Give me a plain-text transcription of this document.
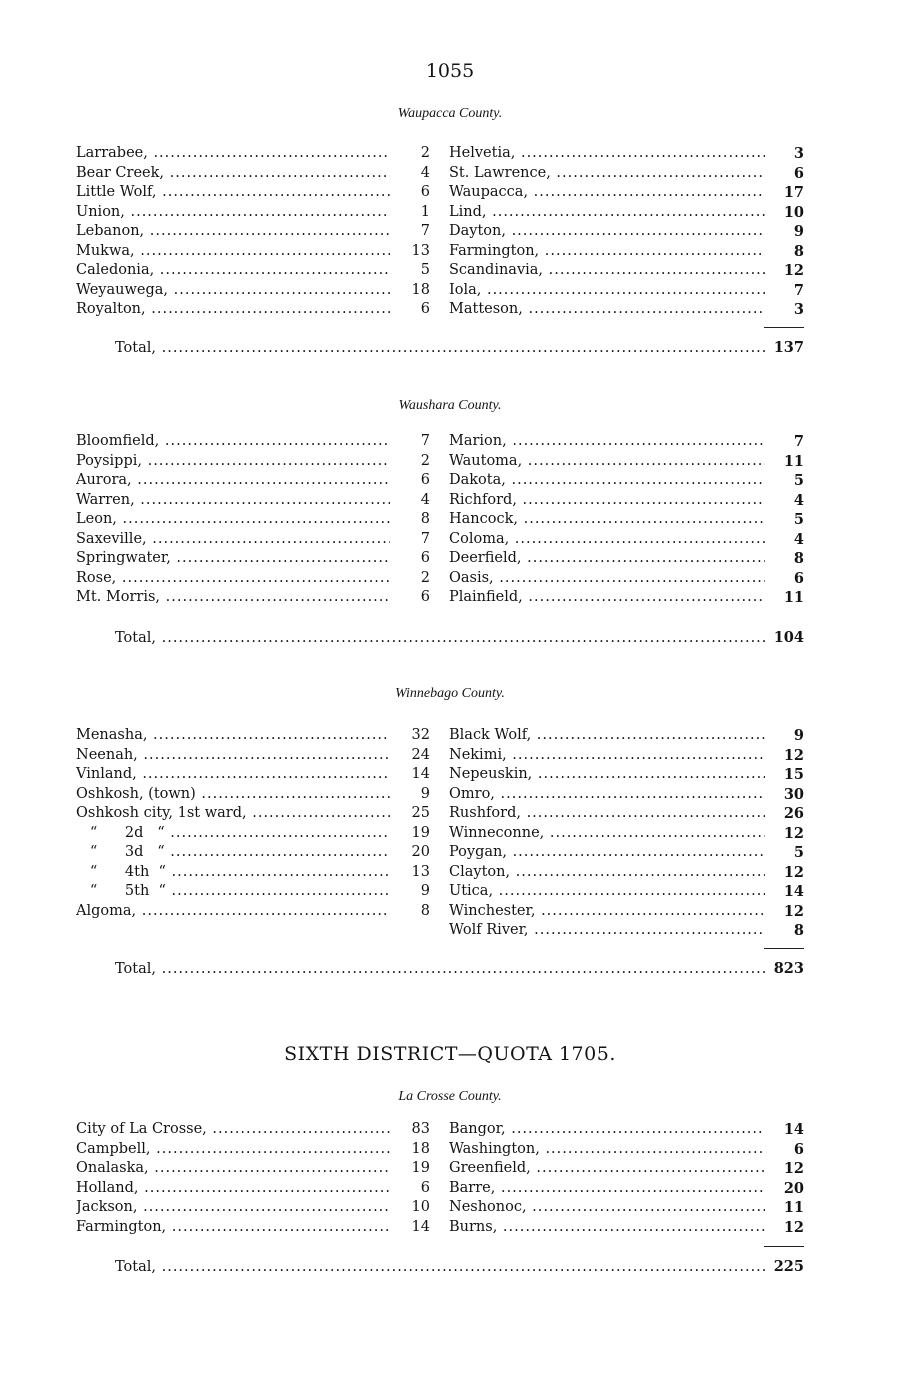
1055
Waupacca County.
Larrabee, .....	2 Helvetia, .....	3
Bear Creek, .....	4 St. Lawrence, .....	6
Little Wolf, .....	6 Waupacca, .....	17
Union, .....	1 Lind, .....	10
Lebanon, .....	7 Dayton, .....	9
Mukwa, .....	13 Farmington, .....	8
Caledonia, .....	5 Scandinavia, .....	12
Weyauwega, .....	18 Iola, .....	7
Royalton, .....	6 Matteson, .....	3
Total, .....	137
Waushara County.
Bloomfield, .....	7 Marion, .....	7
Poysippi, .....	2 Wautoma, .....	11
Aurora, .....	6 Dakota, .....	5
Warren, .....	4 Richford, .....	4
Leon, .....	8 Hancock, .....	5
Saxeville, .....	7 Coloma, .....	4
Springwater, .....	6 Deerfield, .....	8
Rose, .....	2 Oasis, .....	6
Mt. Morris, .....	6 Plainfield, .....	11
Total, .....	104
Winnebago County.
Menasha, .....	32 Black Wolf, .....	9
Neenah, .....	24 Nekimi, .....	12
Vinland, .....	14 Nepeuskin, .....	15
Oshkosh, (town) .....	9 Omro, .....	30
Oshkosh city, 1st ward, .....	25 Rushford, .....	26
“      2d   “ .....	19 Winneconne, .....	12
“      3d   “ .....	20 Poygan, .....	5
“      4th  “ .....	13 Clayton, .....	12
“      5th  “ .....	9 Utica, .....	14
Algoma, .....	8 Winchester, .....	12
Wolf River, .....	8
Total, .....	823
SIXTH DISTRICT—QUOTA 1705.
La Crosse County.
City of La Crosse, .....	83 Bangor, .....	14
Campbell, .....	18 Washington, .....	6
Onalaska, .....	19 Greenfield, .....	12
Holland, .....	6 Barre, .....	20
Jackson, .....	10 Neshonoc, .....	11
Farmington, .....	14 Burns, .....	12
Total, .....	225
